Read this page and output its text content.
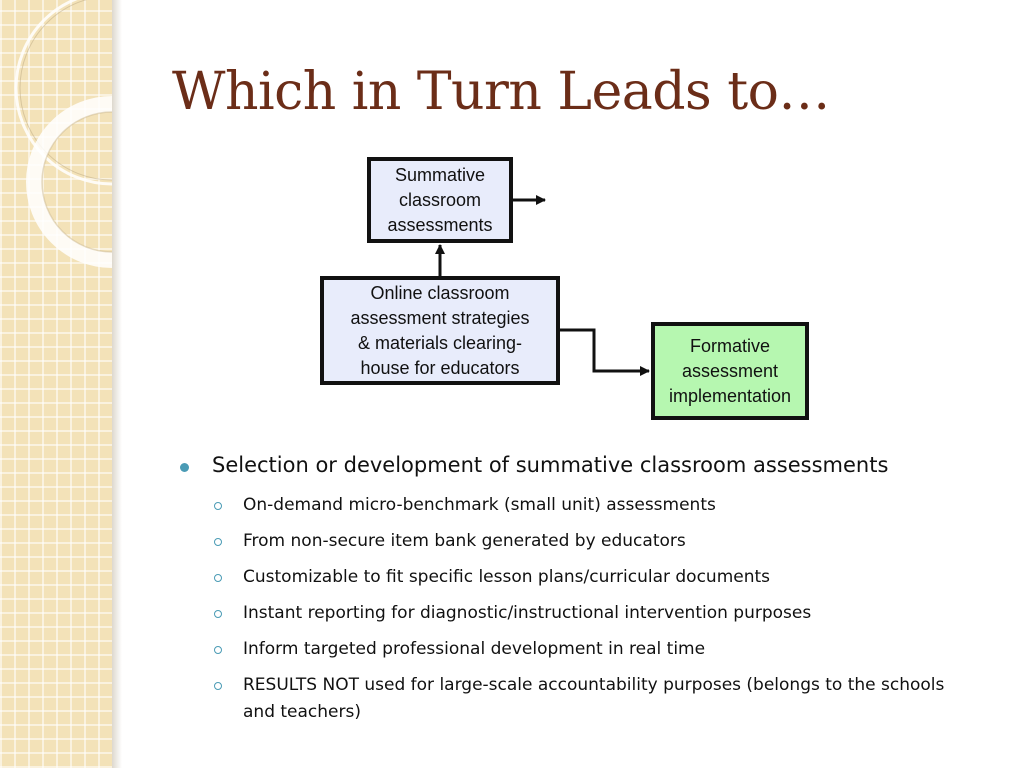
Which in Turn Leads to…
Summative
classroom
assessments
Online classroom
assessment strategies
& materials clearing-
house for educators
Formative
assessment
implementation
Selection or development of summative classroom assessments
On-demand micro-benchmark (small unit) assessments
From non-secure item bank generated by educators
Customizable to fit specific lesson plans/curricular documents
Instant reporting for diagnostic/instructional intervention purposes
Inform targeted professional development in real time
RESULTS NOT used for large-scale accountability purposes (belongs to the schools and teachers)
